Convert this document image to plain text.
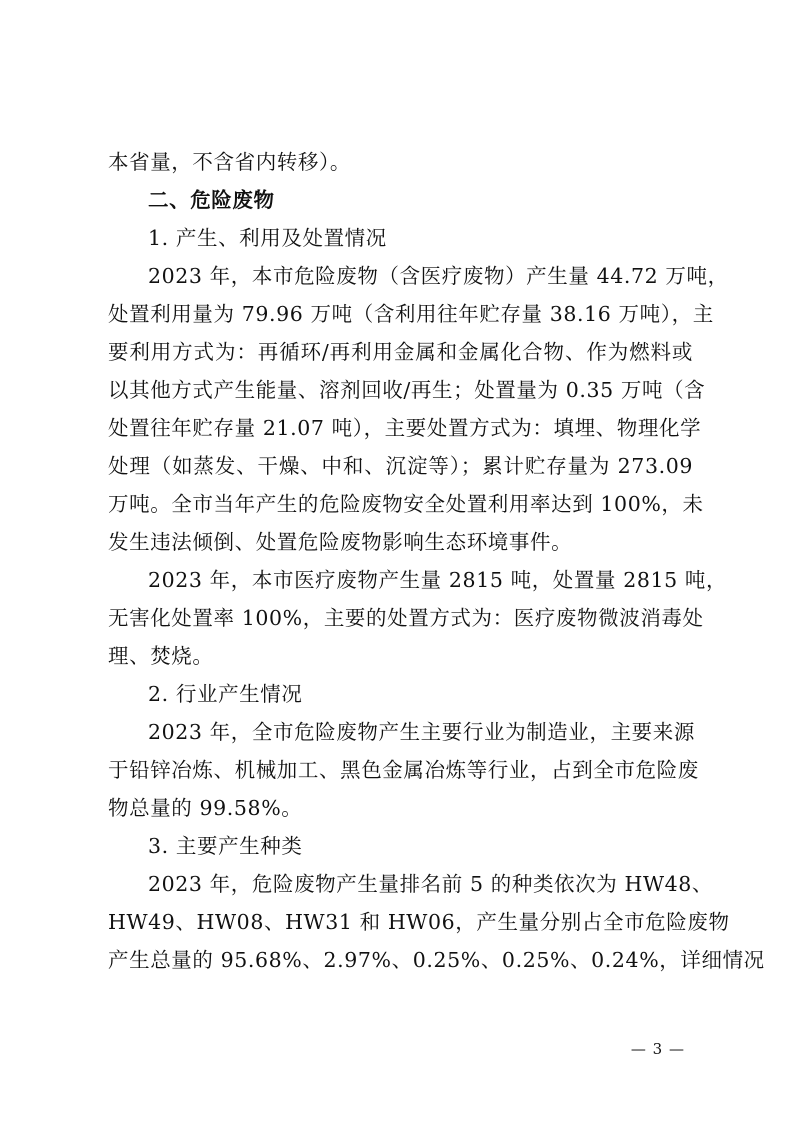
本省量，不含省内转移）。
二、危险废物
1. 产生、利用及处置情况
2023 年，本市危险废物（含医疗废物）产生量 44.72 万吨，
处置利用量为 79.96 万吨（含利用往年贮存量 38.16 万吨），主
要利用方式为：再循环/再利用金属和金属化合物、作为燃料或
以其他方式产生能量、溶剂回收/再生；处置量为 0.35 万吨（含
处置往年贮存量 21.07 吨），主要处置方式为：填埋、物理化学
处理（如蒸发、干燥、中和、沉淀等）；累计贮存量为 273.09
万吨。全市当年产生的危险废物安全处置利用率达到 100%，未
发生违法倾倒、处置危险废物影响生态环境事件。
2023 年，本市医疗废物产生量 2815 吨，处置量 2815 吨，
无害化处置率 100%，主要的处置方式为：医疗废物微波消毒处
理、焚烧。
2. 行业产生情况
2023 年，全市危险废物产生主要行业为制造业，主要来源
于铅锌冶炼、机械加工、黑色金属冶炼等行业，占到全市危险废
物总量的 99.58%。
3. 主要产生种类
2023 年，危险废物产生量排名前 5 的种类依次为 HW48、
HW49、HW08、HW31 和 HW06，产生量分别占全市危险废物
产生总量的 95.68%、2.97%、0.25%、0.25%、0.24%，详细情况
— 3 —
